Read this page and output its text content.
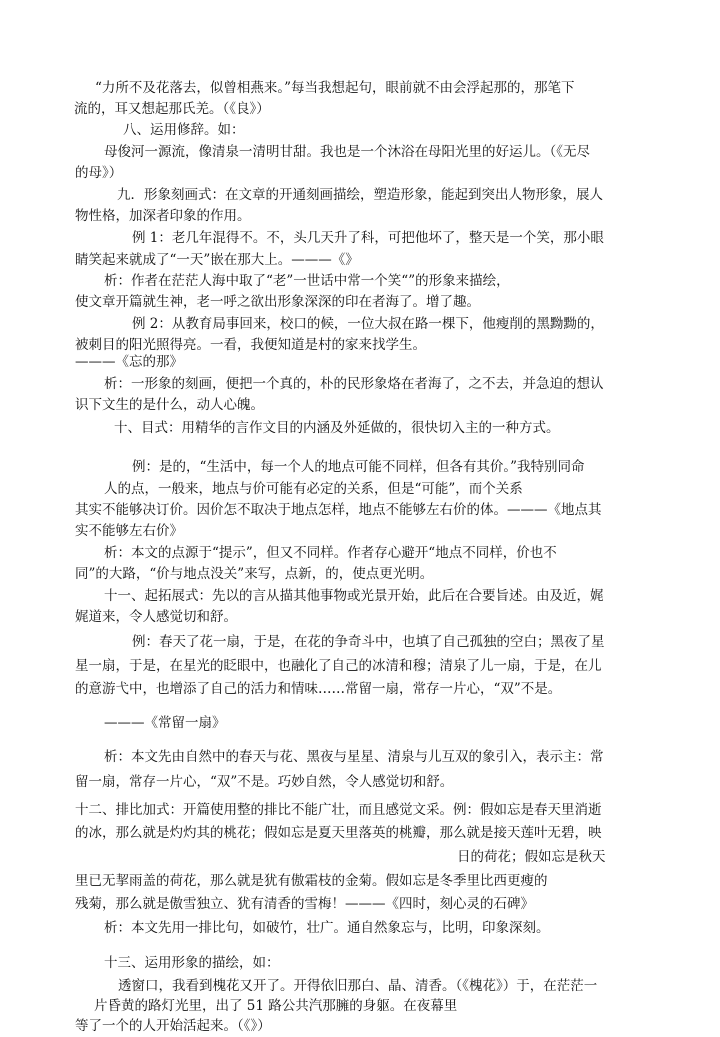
“力所不及花落去，似曾相燕来。”每当我想起句，眼前就不由会浮起那的，那笔下
流的，耳又想起那氏羌。（《良》）
八、运用修辞。如：
母俊河一源流，像清泉一清明甘甜。我也是一个沐浴在母阳光里的好运儿。（《无尽
的母》）
九．形象刻画式：在文章的开通刻画描绘，塑造形象，能起到突出人物形象，展人
物性格，加深者印象的作用。
例 1：老几年混得不。不，头几天升了科，可把他坏了，整天是一个笑，那小眼
睛笑起来就成了“一天”嵌在那大上。———《》
析：作者在茫茫人海中取了“老”一世话中常一个笑“”的形象来描绘，
使文章开篇就生神，老一呼之欲出形象深深的印在者海了。增了趣。
例 2：从教育局事回来，校口的候，一位大叔在路一棵下，他瘦削的黑黝黝的，
被刺目的阳光照得亮。一看，我便知道是村的家来找学生。
———《忘的那》
析：一形象的刻画，便把一个真的，朴的民形象烙在者海了，之不去，并急迫的想认
识下文生的是什么，动人心魄。
十、目式：用精华的言作文目的内涵及外延做的，很快切入主的一种方式。
例：是的，“生活中，每一个人的地点可能不同样，但各有其价。”我特别同命
人的点，一般来，地点与价可能有必定的关系，但是“可能”，而个关系
其实不能够决订价。因价怎不取决于地点怎样，地点不能够左右价的体。———《地点其
实不能够左右价》
析：本文的点源于“提示”，但又不同样。作者存心避开“地点不同样，价也不
同”的大路，“价与地点没关”来写，点新，的，使点更光明。
十一、起拓展式：先以的言从描其他事物或光景开始，此后在合要旨述。由及近，娓
娓道来，令人感觉切和舒。
例：春天了花一扇，于是，在花的争奇斗中，也填了自己孤独的空白；黑夜了星
星一扇，于是，在星光的眨眼中，也融化了自己的冰清和穆；清泉了儿一扇，于是，在儿
的意游弋中，也增添了自己的活力和情味……常留一扇，常存一片心，“双”不是。
———《常留一扇》
析：本文先由自然中的春天与花、黑夜与星星、清泉与儿互双的象引入，表示主：常
留一扇，常存一片心，“双”不是。巧妙自然，令人感觉切和舒。
十二、排比加式：开篇使用整的排比不能广壮，而且感觉文采。例：假如忘是春天里消逝
的冰，那么就是灼灼其的桃花；假如忘是夏天里落英的桃瓣，那么就是接天莲叶无碧，映
日的荷花；假如忘是秋天
里已无挈雨盖的荷花，那么就是犹有傲霜枝的金菊。假如忘是冬季里比西更瘦的
残菊，那么就是傲雪独立、犹有清香的雪梅！———《四时，刻心灵的石碑》
析：本文先用一排比句，如破竹，壮广。通自然象忘与，比明，印象深刻。
十三、运用形象的描绘，如：
透窗口，我看到槐花又开了。开得依旧那白、晶、清香。（《槐花》）于，在茫茫一
片昏黄的路灯光里，出了 51 路公共汽那臃的身躯。在夜幕里
等了一个的人开始活起来。（《》）
